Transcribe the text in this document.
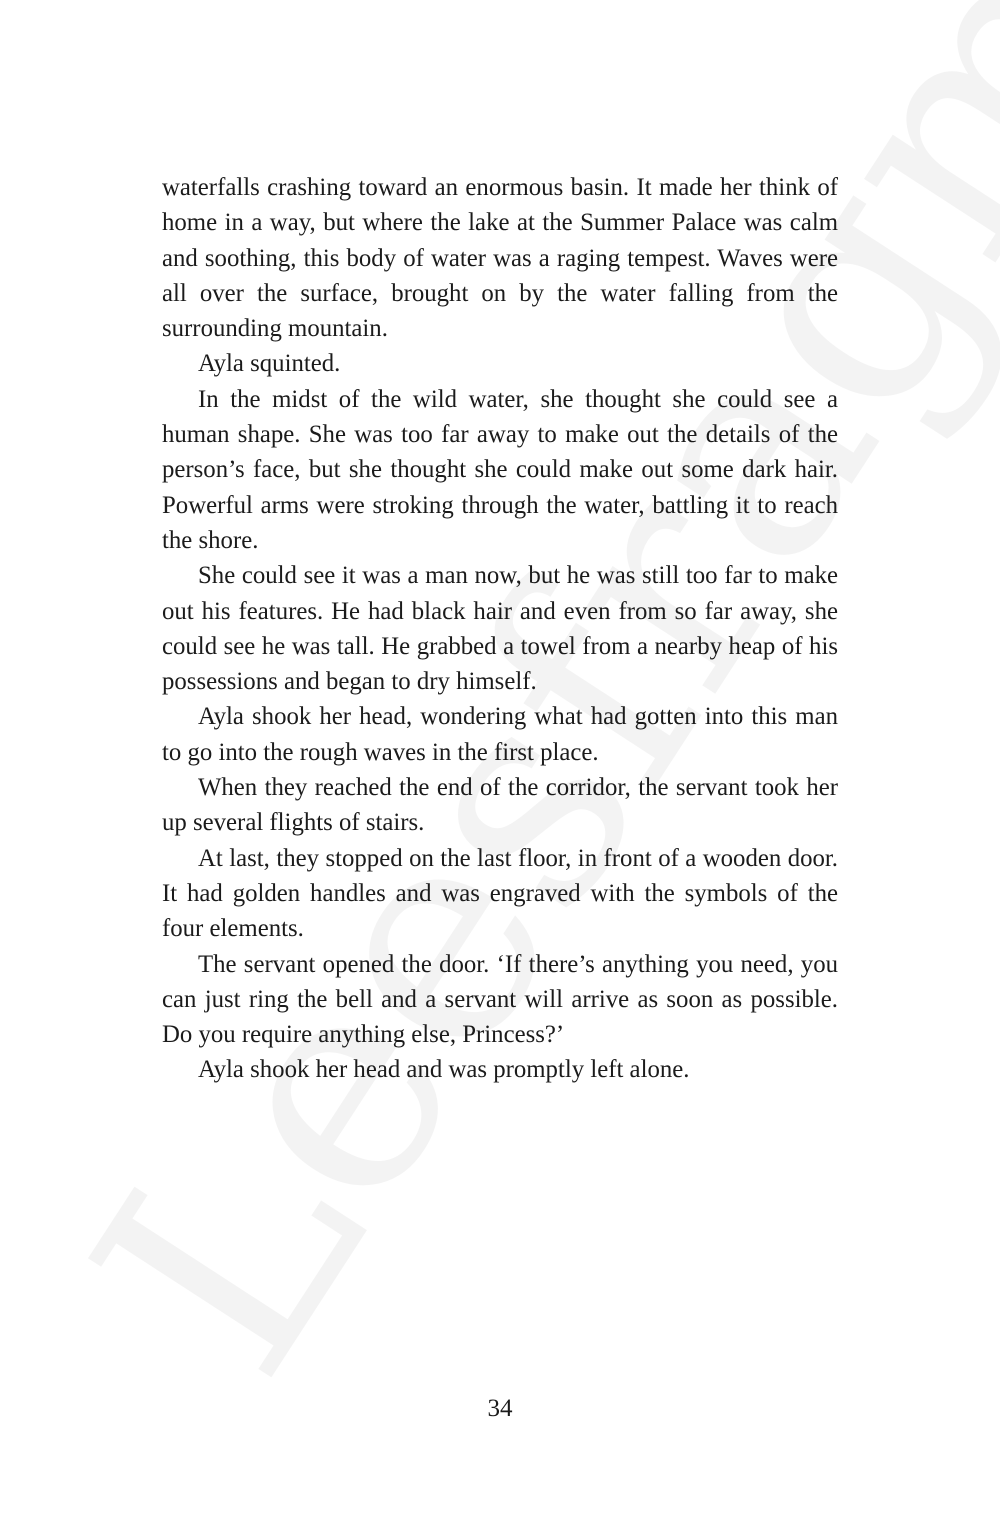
waterfalls crashing toward an enormous basin. It made her think of home in a way, but where the lake at the Summer Palace was calm and soothing, this body of water was a raging tempest. Waves were all over the surface, brought on by the water falling from the surrounding mountain.

Ayla squinted.

In the midst of the wild water, she thought she could see a human shape. She was too far away to make out the details of the person’s face, but she thought she could make out some dark hair. Powerful arms were stroking through the water, battling it to reach the shore.

She could see it was a man now, but he was still too far to make out his features. He had black hair and even from so far away, she could see he was tall. He grabbed a towel from a nearby heap of his possessions and began to dry himself.

Ayla shook her head, wondering what had gotten into this man to go into the rough waves in the first place.

When they reached the end of the corridor, the servant took her up several flights of stairs.

At last, they stopped on the last floor, in front of a wooden door. It had golden handles and was engraved with the symbols of the four elements.

The servant opened the door. ‘If there’s anything you need, you can just ring the bell and a servant will arrive as soon as possible. Do you require anything else, Princess?’

Ayla shook her head and was promptly left alone.

34
